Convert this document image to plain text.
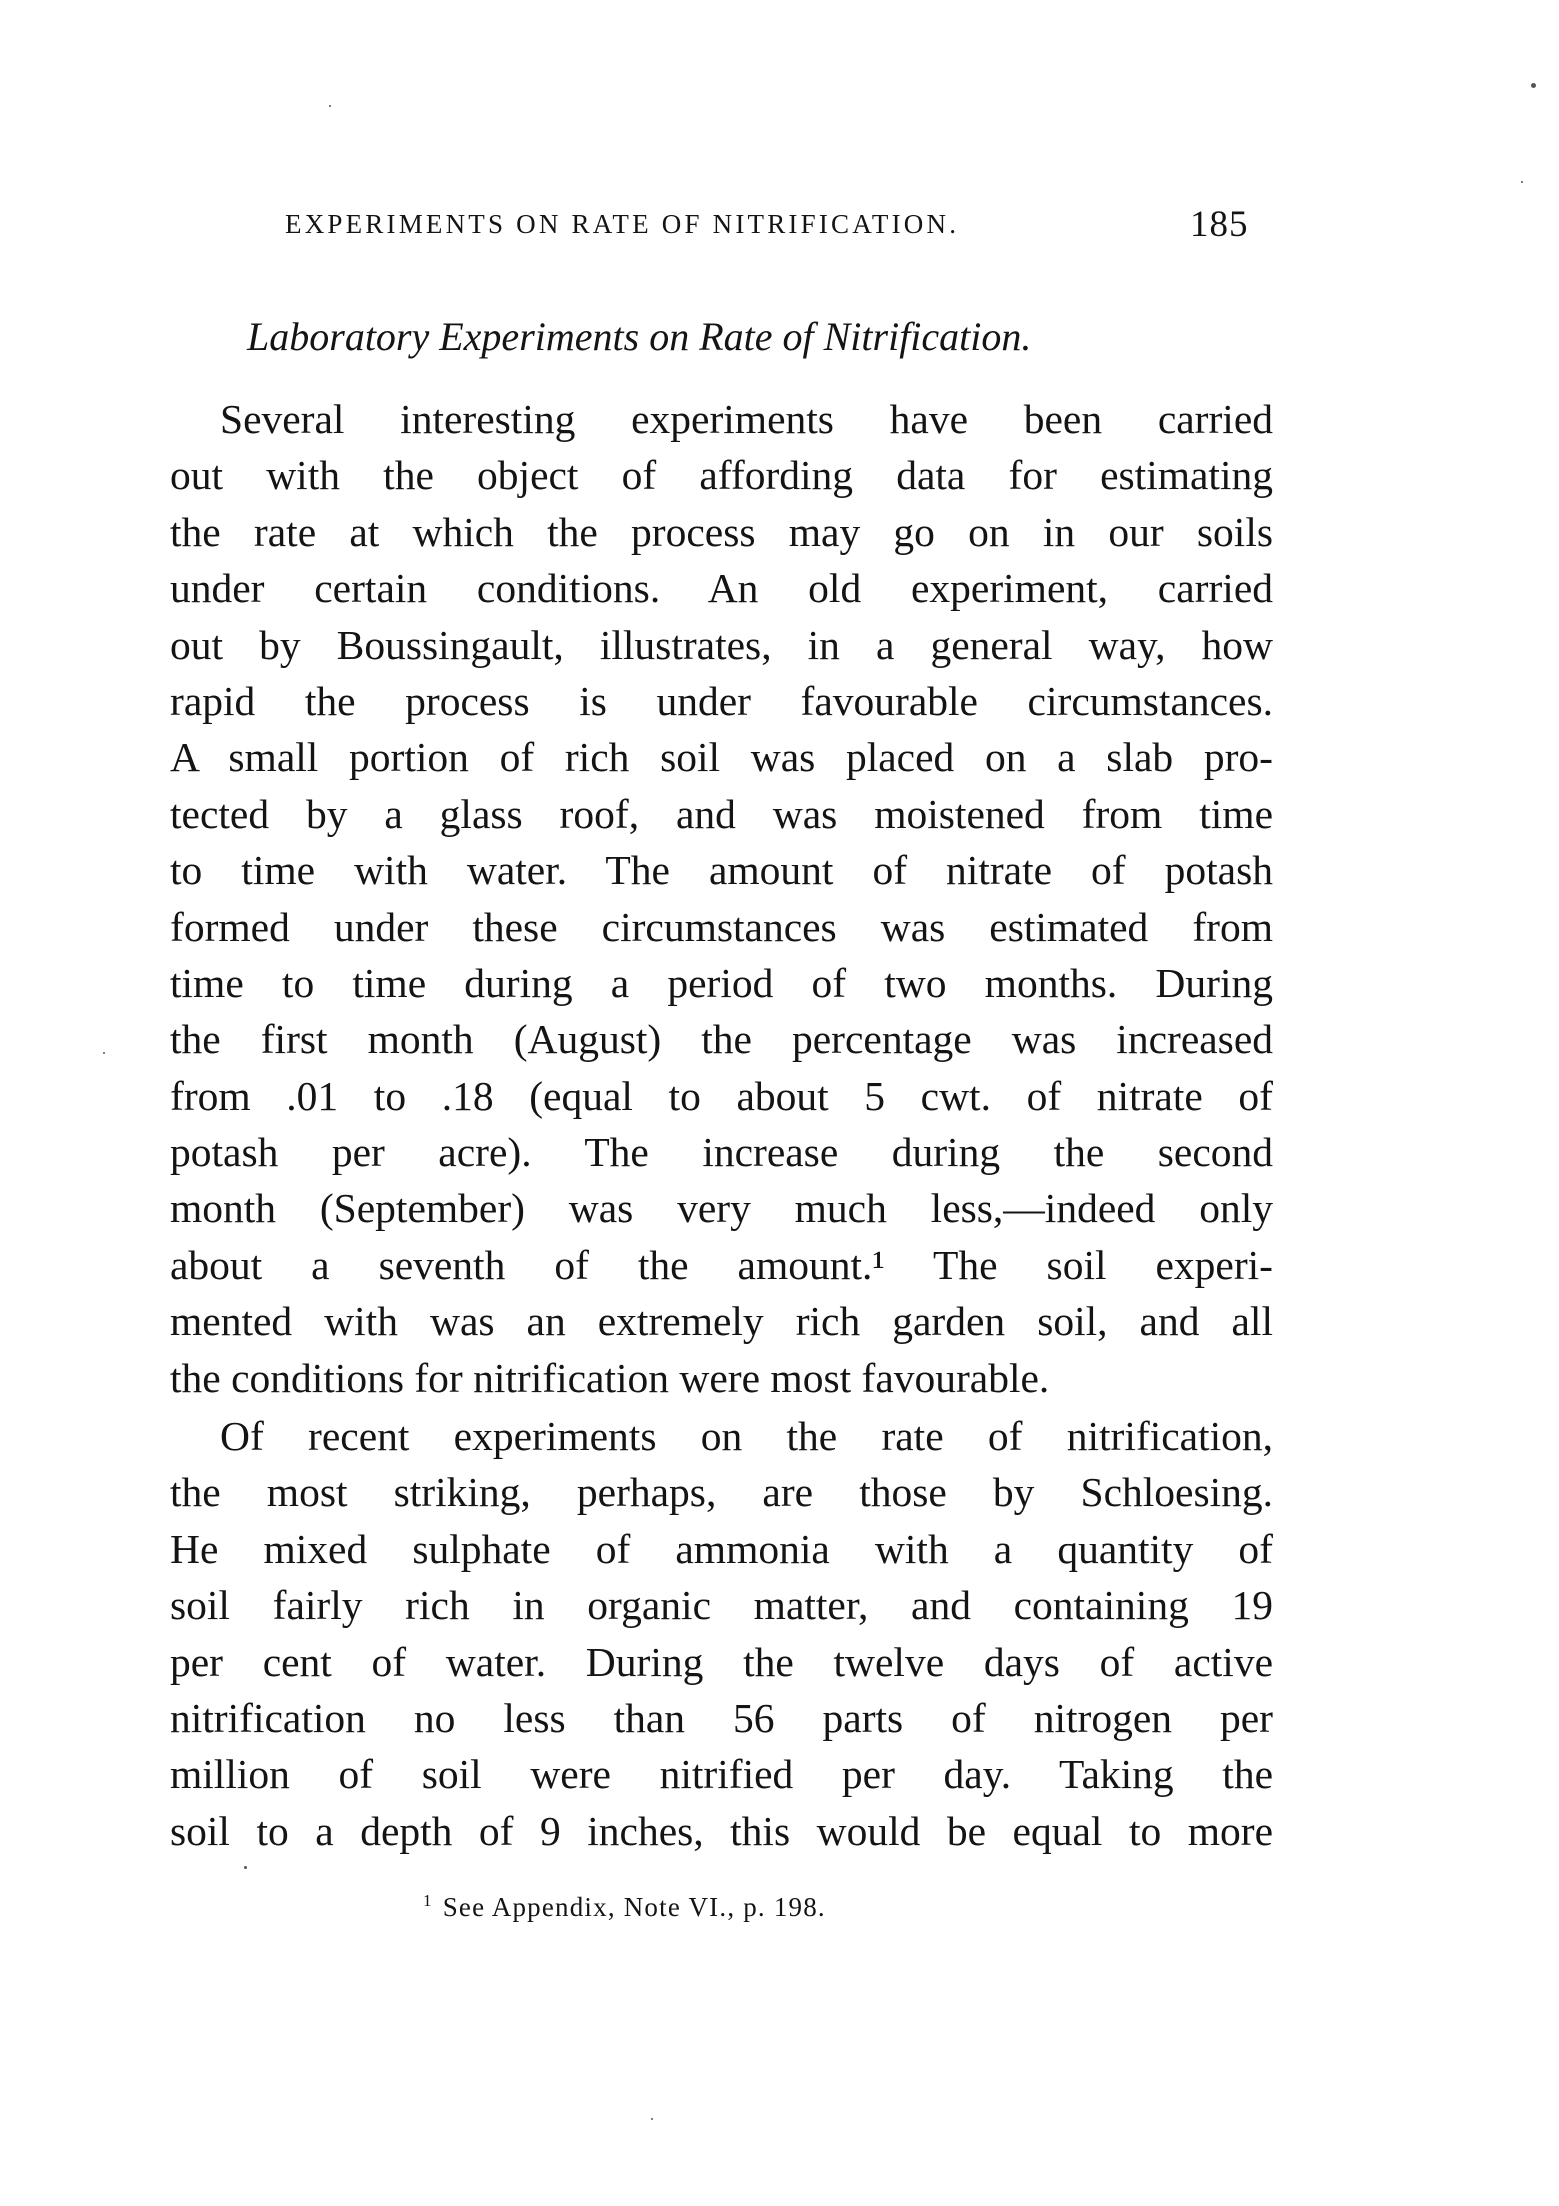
EXPERIMENTS ON RATE OF NITRIFICATION.	185
Laboratory Experiments on Rate of Nitrification.
Several interesting experiments have been carried
out with the object of affording data for estimating
the rate at which the process may go on in our soils
under certain conditions. An old experiment, carried
out by Boussingault, illustrates, in a general way, how
rapid the process is under favourable circumstances.
A small portion of rich soil was placed on a slab pro-
tected by a glass roof, and was moistened from time
to time with water. The amount of nitrate of potash
formed under these circumstances was estimated from
time to time during a period of two months. During
the first month (August) the percentage was increased
from .01 to .18 (equal to about 5 cwt. of nitrate of
potash per acre). The increase during the second
month (September) was very much less,—indeed only
about a seventh of the amount.¹ The soil experi-
mented with was an extremely rich garden soil, and all
the conditions for nitrification were most favourable.
Of recent experiments on the rate of nitrification,
the most striking, perhaps, are those by Schloesing.
He mixed sulphate of ammonia with a quantity of
soil fairly rich in organic matter, and containing 19
per cent of water. During the twelve days of active
nitrification no less than 56 parts of nitrogen per
million of soil were nitrified per day. Taking the
soil to a depth of 9 inches, this would be equal to more
$^1$ See Appendix, Note VI., p. 198.
